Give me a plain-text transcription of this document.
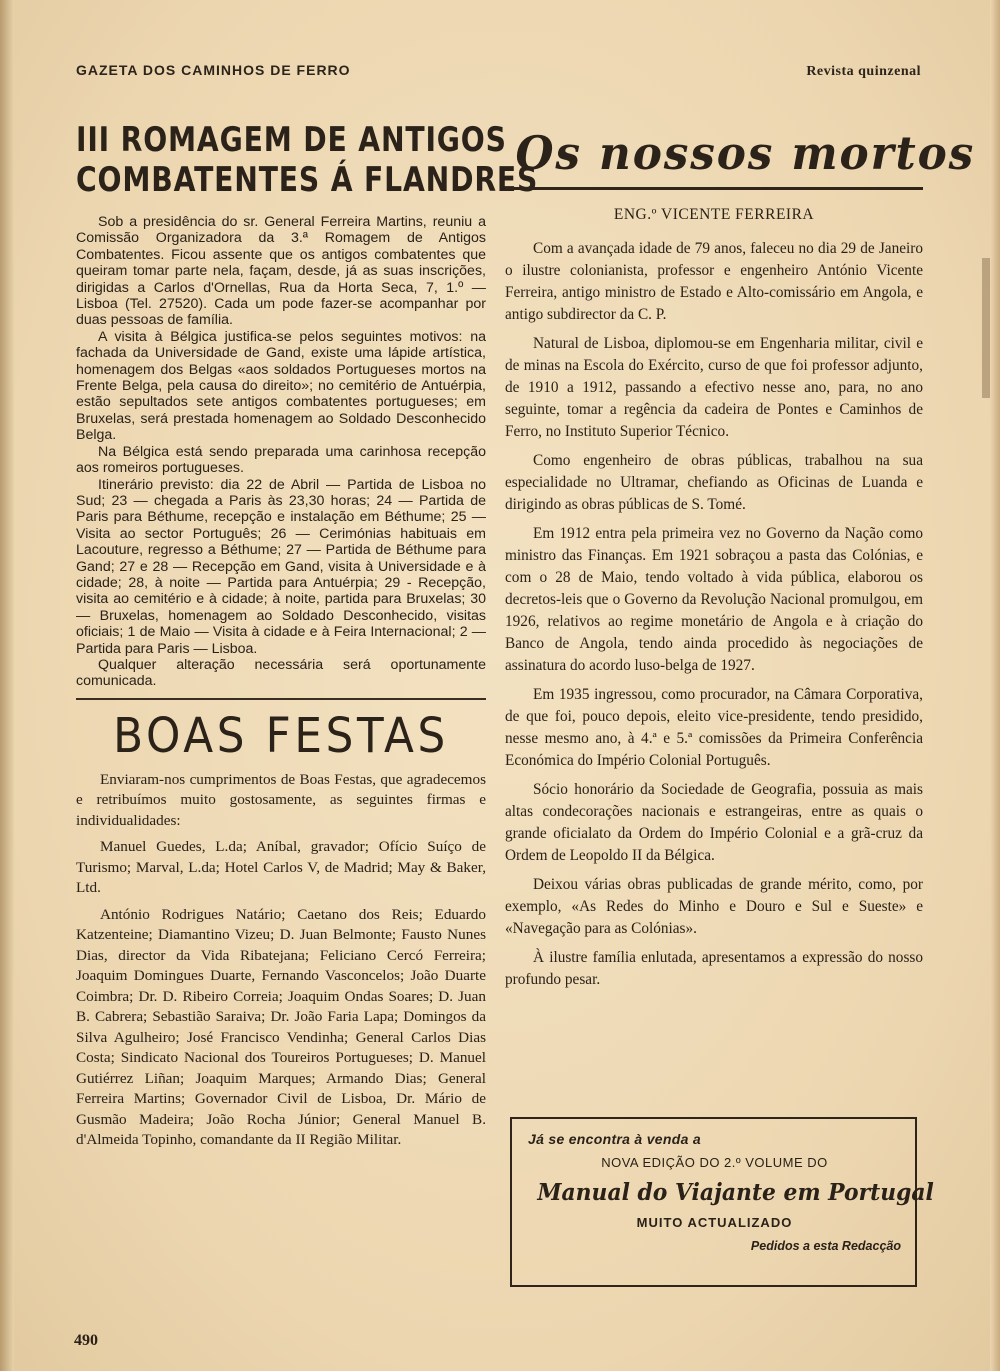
GAZETA DOS CAMINHOS DE FERRO	Revista quinzenal
III ROMAGEM DE ANTIGOS
COMBATENTES Á FLANDRES

Sob a presidência do sr. General Ferreira Martins, reuniu a Comissão Organizadora da 3.ª Romagem de Antigos Combatentes. Ficou assente que os antigos combatentes que queiram tomar parte nela, façam, desde, já as suas inscrições, dirigidas a Carlos d'Ornellas, Rua da Horta Seca, 7, 1.º — Lisboa (Tel. 27520). Cada um pode fazer-se acompanhar por duas pessoas de família.

A visita à Bélgica justifica-se pelos seguintes motivos: na fachada da Universidade de Gand, existe uma lápide artística, homenagem dos Belgas «aos soldados Portugueses mortos na Frente Belga, pela causa do direito»; no cemitério de Antuérpia, estão sepultados sete antigos combatentes portugueses; em Bruxelas, será prestada homenagem ao Soldado Desconhecido Belga.

Na Bélgica está sendo preparada uma carinhosa recepção aos romeiros portugueses.

Itinerário previsto: dia 22 de Abril — Partida de Lisboa no Sud; 23 — chegada a Paris às 23,30 horas; 24 — Partida de Paris para Béthume, recepção e instalação em Béthume; 25 — Visita ao sector Português; 26 — Cerimónias habituais em Lacouture, regresso a Béthume; 27 — Partida de Béthume para Gand; 27 e 28 — Recepção em Gand, visita à Universidade e à cidade; 28, à noite — Partida para Antuérpia; 29 - Recepção, visita ao cemitério e à cidade; à noite, partida para Bruxelas; 30 — Bruxelas, homenagem ao Soldado Desconhecido, visitas oficiais; 1 de Maio — Visita à cidade e à Feira Internacional; 2 — Partida para Paris — Lisboa.

Qualquer alteração necessária será oportunamente comunicada.

BOAS FESTAS

Enviaram-nos cumprimentos de Boas Festas, que agradecemos e retribuímos muito gostosamente, as seguintes firmas e individualidades:

Manuel Guedes, L.da; Aníbal, gravador; Ofício Suíço de Turismo; Marval, L.da; Hotel Carlos V, de Madrid; May & Baker, Ltd.

António Rodrigues Natário; Caetano dos Reis; Eduardo Katzenteine; Diamantino Vizeu; D. Juan Belmonte; Fausto Nunes Dias, director da Vida Ribatejana; Feliciano Cercó Ferreira; Joaquim Domingues Duarte, Fernando Vasconcelos; João Duarte Coimbra; Dr. D. Ribeiro Correia; Joaquim Ondas Soares; D. Juan B. Cabrera; Sebastião Saraiva; Dr. João Faria Lapa; Domingos da Silva Agulheiro; José Francisco Vendinha; General Carlos Dias Costa; Sindicato Nacional dos Toureiros Portugueses; D. Manuel Gutiérrez Liñan; Joaquim Marques; Armando Dias; General Ferreira Martins; Governador Civil de Lisboa, Dr. Mário de Gusmão Madeira; João Rocha Júnior; General Manuel B. d'Almeida Topinho, comandante da II Região Militar.

Os nossos mortos
ENG.º VICENTE FERREIRA

Com a avançada idade de 79 anos, faleceu no dia 29 de Janeiro o ilustre colonianista, professor e engenheiro António Vicente Ferreira, antigo ministro de Estado e Alto-comissário em Angola, e antigo subdirector da C. P.

Natural de Lisboa, diplomou-se em Engenharia militar, civil e de minas na Escola do Exército, curso de que foi professor adjunto, de 1910 a 1912, passando a efectivo nesse ano, para, no ano seguinte, tomar a regência da cadeira de Pontes e Caminhos de Ferro, no Instituto Superior Técnico.

Como engenheiro de obras públicas, trabalhou na sua especialidade no Ultramar, chefiando as Oficinas de Luanda e dirigindo as obras públicas de S. Tomé.

Em 1912 entra pela primeira vez no Governo da Nação como ministro das Finanças. Em 1921 sobraçou a pasta das Colónias, e com o 28 de Maio, tendo voltado à vida pública, elaborou os decretos-leis que o Governo da Revolução Nacional promulgou, em 1926, relativos ao regime monetário de Angola e à criação do Banco de Angola, tendo ainda procedido às negociações de assinatura do acordo luso-belga de 1927.

Em 1935 ingressou, como procurador, na Câmara Corporativa, de que foi, pouco depois, eleito vice-presidente, tendo presidido, nesse mesmo ano, à 4.ª e 5.ª comissões da Primeira Conferência Económica do Império Colonial Português.

Sócio honorário da Sociedade de Geografia, possuia as mais altas condecorações nacionais e estrangeiras, entre as quais o grande oficialato da Ordem do Império Colonial e a grã-cruz da Ordem de Leopoldo II da Bélgica.

Deixou várias obras publicadas de grande mérito, como, por exemplo, «As Redes do Minho e Douro e Sul e Sueste» e «Navegação para as Colónias».

À ilustre família enlutada, apresentamos a expressão do nosso profundo pesar.

Já se encontra à venda a
NOVA EDIÇÃO DO 2.º VOLUME DO
Manual do Viajante em Portugal
MUITO ACTUALIZADO
Pedidos a esta Redacção
490
